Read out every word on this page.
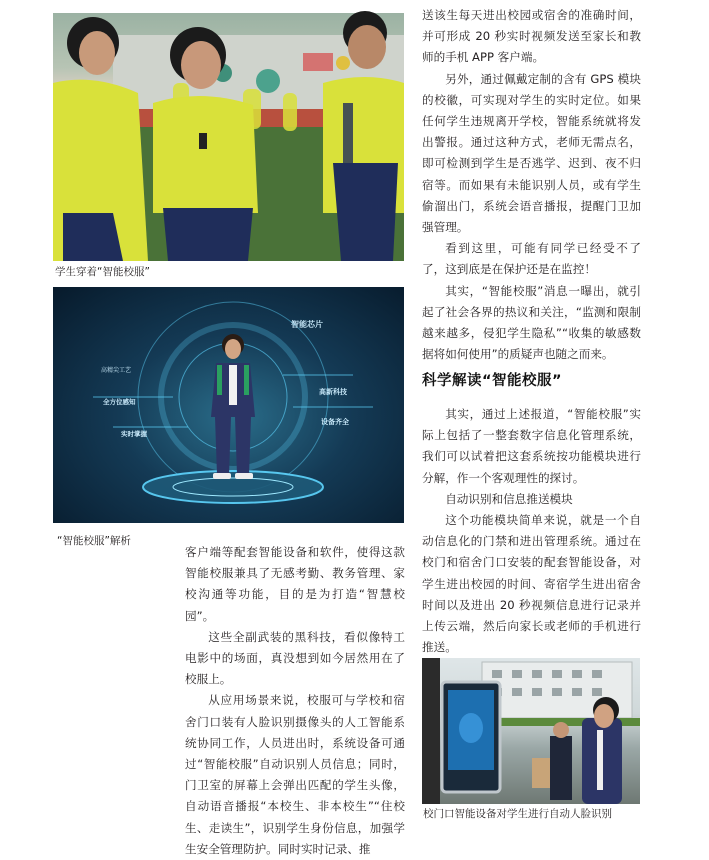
学生穿着“智能校服”
智能芯片
高精尖工艺
高新科技
全方位感知
设备齐全
实时掌握
“智能校服”解析

送该生每天进出校园或宿舍的准确时间，并可形成 20 秒实时视频发送至家长和教师的手机 APP 客户端。

另外，通过佩戴定制的含有 GPS 模块的校徽，可实现对学生的实时定位。如果任何学生违规离开学校，智能系统就将发出警报。通过这种方式，老师无需点名，即可检测到学生是否逃学、迟到、夜不归宿等。而如果有未能识别人员，或有学生偷溜出门，系统会语音播报，提醒门卫加强管理。

看到这里，可能有同学已经受不了了，这到底是在保护还是在监控！

其实，“智能校服”消息一曝出，就引起了社会各界的热议和关注，“监测和限制越来越多，侵犯学生隐私”“收集的敏感数据将如何使用”的质疑声也随之而来。

科学解读“智能校服”

其实，通过上述报道，“智能校服”实际上包括了一整套数字信息化管理系统，我们可以试着把这套系统按功能模块进行分解，作一个客观理性的探讨。

自动识别和信息推送模块

这个功能模块简单来说，就是一个自动信息化的门禁和进出管理系统。通过在校门和宿舍门口安装的配套智能设备，对学生进出校园的时间、寄宿学生进出宿舍时间以及进出 20 秒视频信息进行记录并上传云端，然后向家长或老师的手机进行推送。

客户端等配套智能设备和软件，使得这款智能校服兼具了无感考勤、教务管理、家校沟通等功能，目的是为打造“智慧校园”。

这些全副武装的黑科技，看似像特工电影中的场面，真没想到如今居然用在了校服上。

从应用场景来说，校服可与学校和宿舍门口装有人脸识别摄像头的人工智能系统协同工作，人员进出时，系统设备可通过“智能校服”自动识别人员信息；同时，门卫室的屏幕上会弹出匹配的学生头像，自动语音播报“本校生、非本校生”“住校生、走读生”，识别学生身份信息，加强学生安全管理防护。同时实时记录、推

校门口智能设备对学生进行自动人脸识别
